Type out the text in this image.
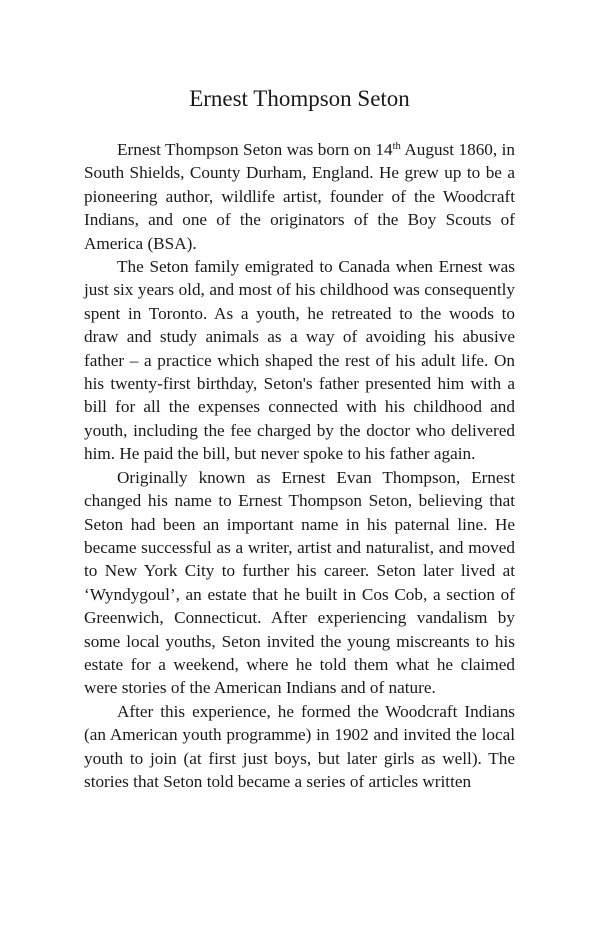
Ernest Thompson Seton

Ernest Thompson Seton was born on 14th August 1860, in South Shields, County Durham, England. He grew up to be a pioneering author, wildlife artist, founder of the Woodcraft Indians, and one of the originators of the Boy Scouts of America (BSA).

The Seton family emigrated to Canada when Ernest was just six years old, and most of his childhood was consequently spent in Toronto. As a youth, he retreated to the woods to draw and study animals as a way of avoiding his abusive father – a practice which shaped the rest of his adult life. On his twenty-first birthday, Seton's father presented him with a bill for all the expenses connected with his childhood and youth, including the fee charged by the doctor who delivered him. He paid the bill, but never spoke to his father again.

Originally known as Ernest Evan Thompson, Ernest changed his name to Ernest Thompson Seton, believing that Seton had been an important name in his paternal line. He became successful as a writer, artist and naturalist, and moved to New York City to further his career. Seton later lived at ‘Wyndygoul’, an estate that he built in Cos Cob, a section of Greenwich, Connecticut. After experiencing vandalism by some local youths, Seton invited the young miscreants to his estate for a weekend, where he told them what he claimed were stories of the American Indians and of nature.

After this experience, he formed the Woodcraft Indians (an American youth programme) in 1902 and invited the local youth to join (at first just boys, but later girls as well). The stories that Seton told became a series of articles written
